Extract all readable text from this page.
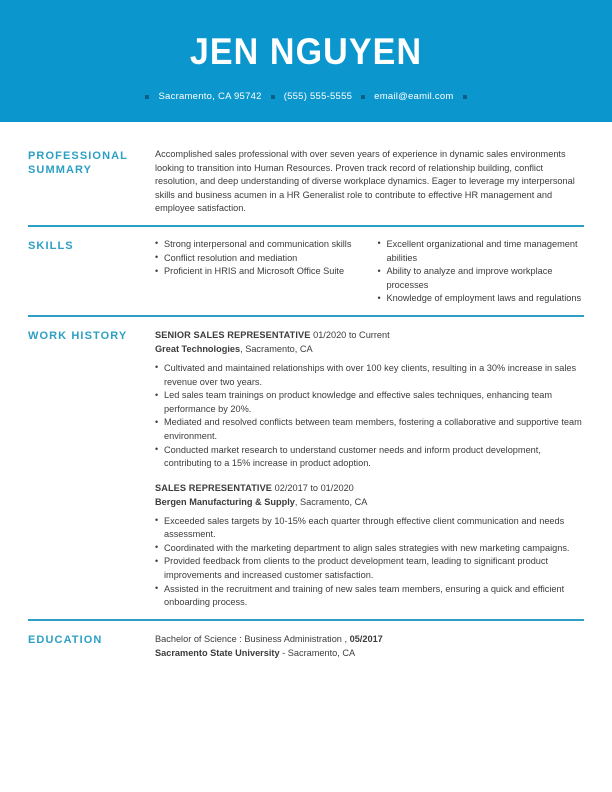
JEN NGUYEN
Sacramento, CA 95742 (555) 555-5555 email@eamil.com
PROFESSIONAL SUMMARY

Accomplished sales professional with over seven years of experience in dynamic sales environments looking to transition into Human Resources. Proven track record of relationship building, conflict resolution, and deep understanding of diverse workplace dynamics. Eager to leverage my interpersonal skills and business acumen in a HR Generalist role to contribute to effective HR management and employee satisfaction.

SKILLS	• Strong interpersonal and communication skills
• Conflict resolution and mediation
• Proficient in HRIS and Microsoft Office Suite
• Excellent organizational and time management abilities
• Ability to analyze and improve workplace processes
• Knowledge of employment laws and regulations
WORK HISTORY	SENIOR SALES REPRESENTATIVE 01/2020 to Current
Great Technologies, Sacramento, CA
• Cultivated and maintained relationships with over 100 key clients, resulting in a 30% increase in sales revenue over two years.
• Led sales team trainings on product knowledge and effective sales techniques, enhancing team performance by 20%.
• Mediated and resolved conflicts between team members, fostering a collaborative and supportive team environment.
• Conducted market research to understand customer needs and inform product development, contributing to a 15% increase in product adoption.
SALES REPRESENTATIVE 02/2017 to 01/2020
Bergen Manufacturing & Supply, Sacramento, CA
• Exceeded sales targets by 10-15% each quarter through effective client communication and needs assessment.
• Coordinated with the marketing department to align sales strategies with new marketing campaigns.
• Provided feedback from clients to the product development team, leading to significant product improvements and increased customer satisfaction.
• Assisted in the recruitment and training of new sales team members, ensuring a quick and efficient onboarding process.
EDUCATION	Bachelor of Science : Business Administration , 05/2017
Sacramento State University - Sacramento, CA
